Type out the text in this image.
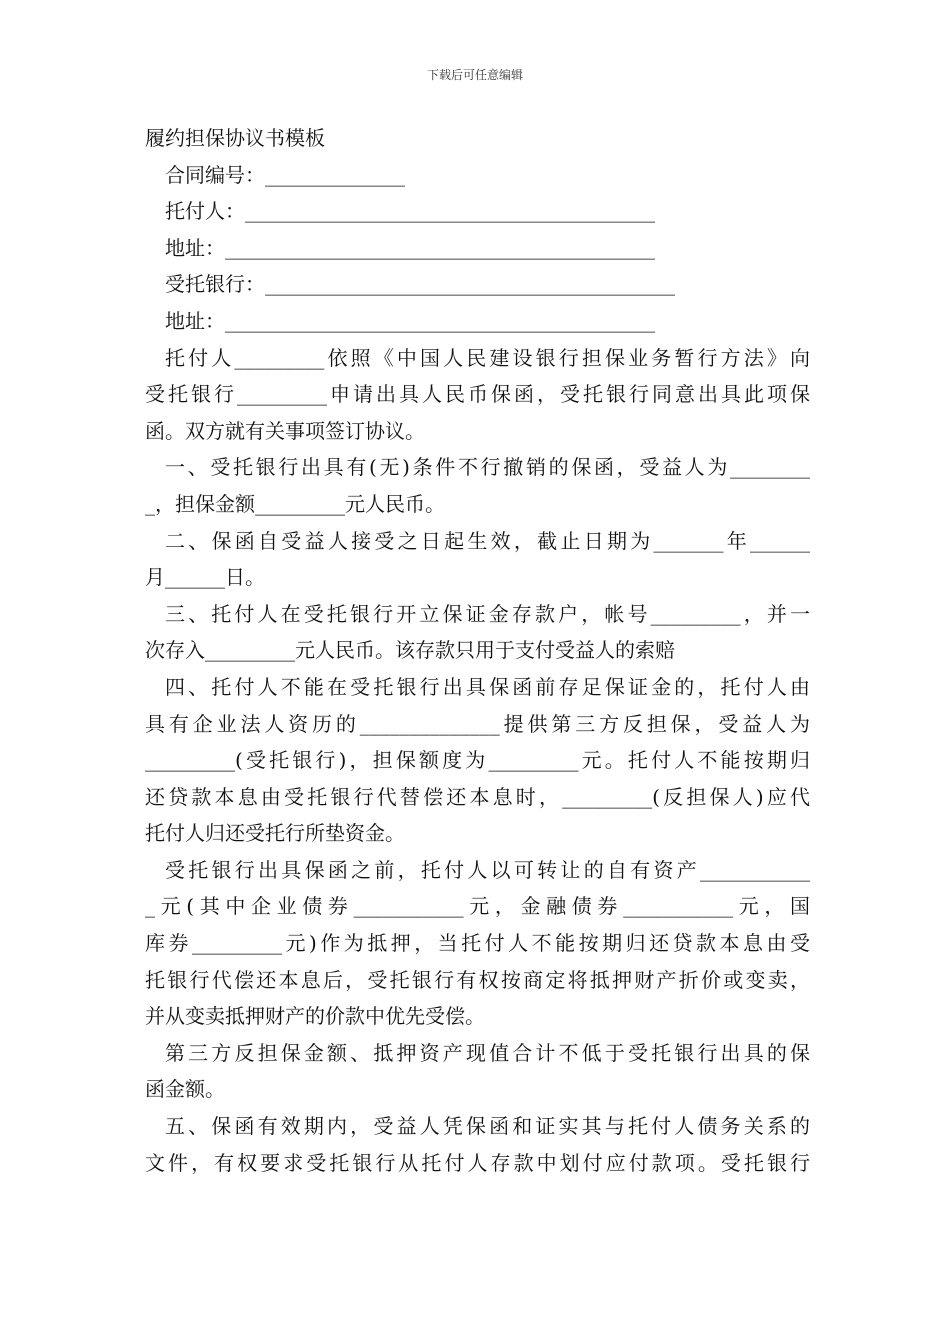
下载后可任意编辑

履约担保协议书模板

合同编号：______________

托付人：_________________________________________

地址：___________________________________________

受托银行：_________________________________________

地址：___________________________________________

托付人_________依照《中国人民建设银行担保业务暂行方法》向

受托银行_________申请出具人民币保函，受托银行同意出具此项保

函。双方就有关事项签订协议。

一、受托银行出具有(无)条件不行撤销的保函，受益人为________

_，担保金额_________元人民币。

二、保函自受益人接受之日起生效，截止日期为_______年______

月______日。

三、托付人在受托银行开立保证金存款户，帐号_________，并一

次存入_________元人民币。该存款只用于支付受益人的索赔

四、托付人不能在受托银行出具保函前存足保证金的，托付人由

具有企业法人资历的______________提供第三方反担保，受益人为

_________(受托银行)，担保额度为_________元。托付人不能按期归

还贷款本息由受托银行代替偿还本息时，_________(反担保人)应代

托付人归还受托行所垫资金。

受托银行出具保函之前，托付人以可转让的自有资产___________

_元(其中企业债券___________元，金融债券___________元，国

库券_________元)作为抵押，当托付人不能按期归还贷款本息由受

托银行代偿还本息后，受托银行有权按商定将抵押财产折价或变卖，

并从变卖抵押财产的价款中优先受偿。

第三方反担保金额、抵押资产现值合计不低于受托银行出具的保

函金额。

五、保函有效期内，受益人凭保函和证实其与托付人债务关系的

文件，有权要求受托银行从托付人存款中划付应付款项。受托银行
